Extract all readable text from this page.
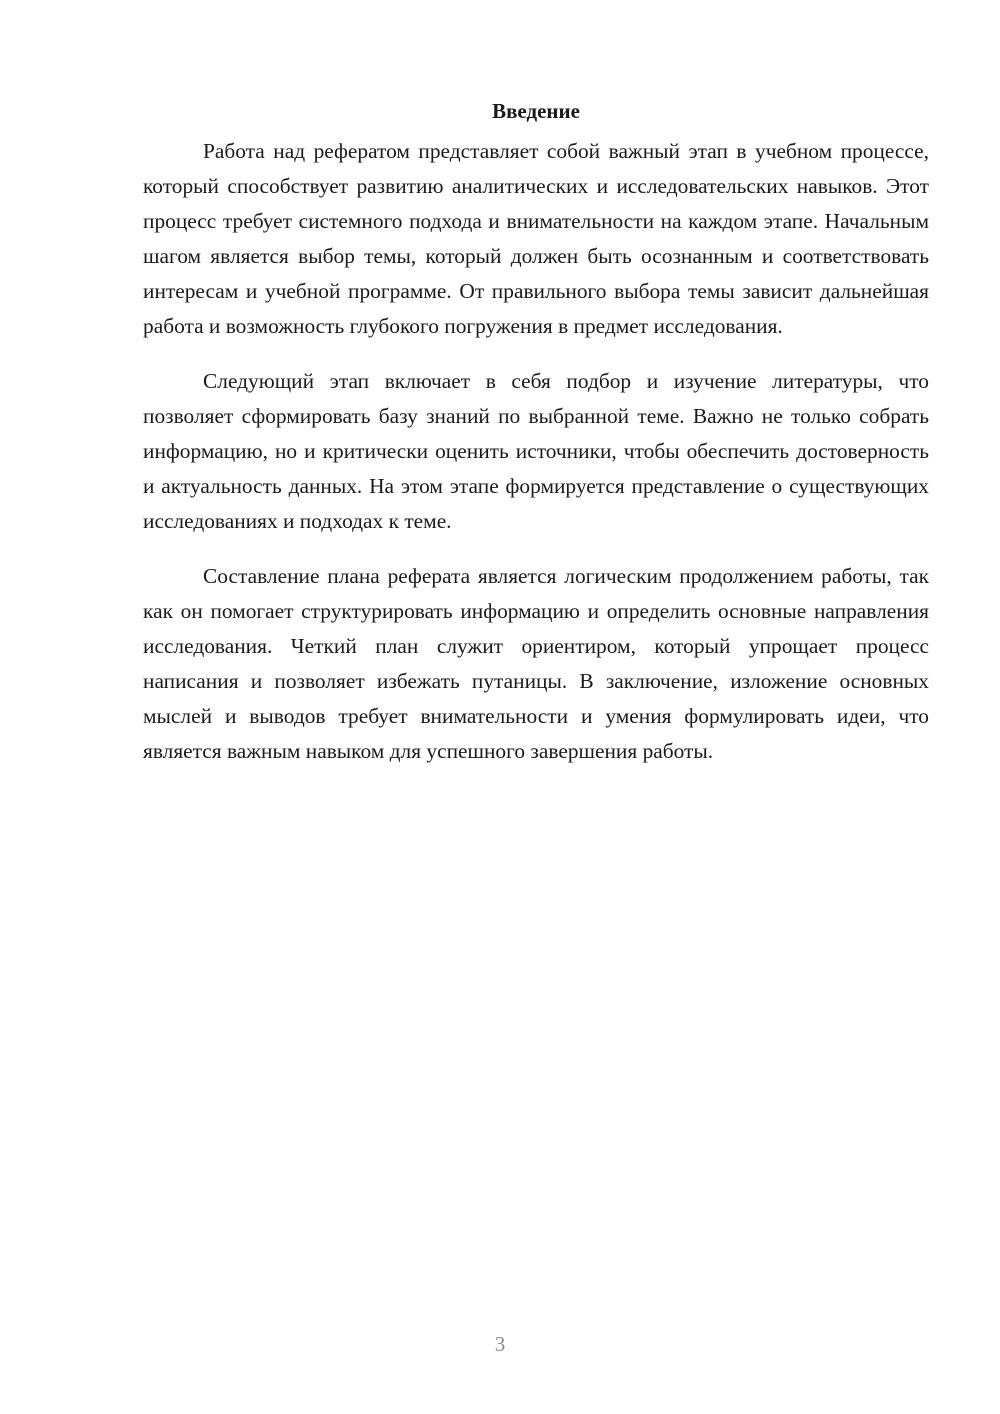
Введение

Работа над рефератом представляет собой важный этап в учебном процессе, который способствует развитию аналитических и исследовательских навыков. Этот процесс требует системного подхода и внимательности на каждом этапе. Начальным шагом является выбор темы, который должен быть осознанным и соответствовать интересам и учебной программе. От правильного выбора темы зависит дальнейшая работа и возможность глубокого погружения в предмет исследования.

Следующий этап включает в себя подбор и изучение литературы, что позволяет сформировать базу знаний по выбранной теме. Важно не только собрать информацию, но и критически оценить источники, чтобы обеспечить достоверность и актуальность данных. На этом этапе формируется представление о существующих исследованиях и подходах к теме.

Составление плана реферата является логическим продолжением работы, так как он помогает структурировать информацию и определить основные направления исследования. Четкий план служит ориентиром, который упрощает процесс написания и позволяет избежать путаницы. В заключение, изложение основных мыслей и выводов требует внимательности и умения формулировать идеи, что является важным навыком для успешного завершения работы.

3
